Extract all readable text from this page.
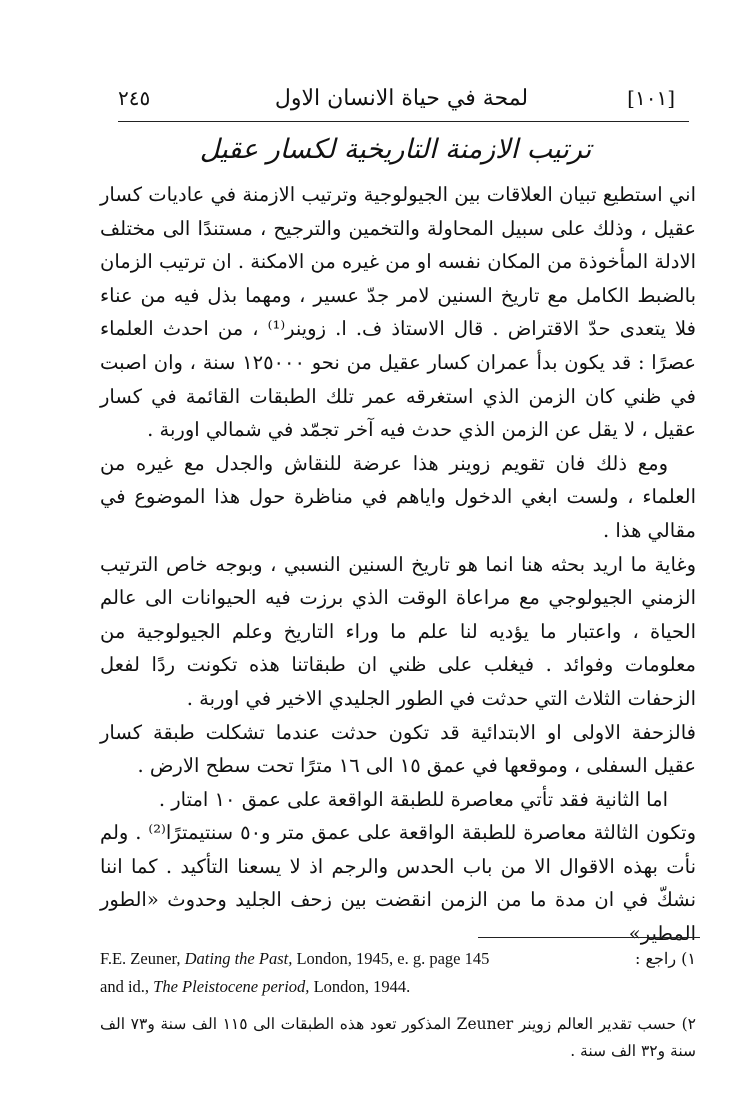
٢٤٥	لمحة في حياة الانسان الاول	[١٠١]
ترتيب الازمنة التاريخية لكسار عقيل

اني استطيع تبيان العلاقات بين الجيولوجية وترتيب الازمنة في عاديات كسار عقيل ، وذلك على سبيل المحاولة والتخمين والترجيح ، مستندًا الى مختلف الادلة المأخوذة من المكان نفسه او من غيره من الامكنة . ان ترتيب الزمان بالضبط الكامل مع تاريخ السنين لامر جدّ عسير ، ومهما بذل فيه من عناء فلا يتعدى حدّ الاقتراض . قال الاستاذ ف. ا. زوينر⁽¹⁾ ، من احدث العلماء عصرًا : قد يكون بدأ عمران كسار عقيل من نحو ١٢٥٠٠٠ سنة ، وان اصبت في ظني كان الزمن الذي استغرقه عمر تلك الطبقات القائمة في كسار عقيل ، لا يقل عن الزمن الذي حدث فيه آخر تجمّد في شمالي اوربة .

ومع ذلك فان تقويم زوينر هذا عرضة للنقاش والجدل مع غيره من العلماء ، ولست ابغي الدخول واياهم في مناظرة حول هذا الموضوع في مقالي هذا .

وغاية ما اريد بحثه هنا انما هو تاريخ السنين النسبي ، وبوجه خاص الترتيب الزمني الجيولوجي مع مراعاة الوقت الذي برزت فيه الحيوانات الى عالم الحياة ، واعتبار ما يؤديه لنا علم ما وراء التاريخ وعلم الجيولوجية من معلومات وفوائد . فيغلب على ظني ان طبقاتنا هذه تكونت ردًا لفعل الزحفات الثلاث التي حدثت في الطور الجليدي الاخير في اوربة .

فالزحفة الاولى او الابتدائية قد تكون حدثت عندما تشكلت طبقة كسار عقيل السفلى ، وموقعها في عمق ١٥ الى ١٦ مترًا تحت سطح الارض .

اما الثانية فقد تأتي معاصرة للطبقة الواقعة على عمق ١٠ امتار .

وتكون الثالثة معاصرة للطبقة الواقعة على عمق متر و٥٠ سنتيمترًا⁽²⁾ . ولم نأت بهذه الاقوال الا من باب الحدس والرجم اذ لا يسعنا التأكيد . كما اننا نشكّ في ان مدة ما من الزمن انقضت بين زحف الجليد وحدوث «الطور المطير»

١) راجع :
F.E. Zeuner, Dating the Past, London, 1945, e. g. page 145
and id., The Pleistocene period, London, 1944.
٢) حسب تقدير العالم زوينر Zeuner المذكور تعود هذه الطبقات الى ١١٥ الف سنة و٧٣ الف سنة و٣٢ الف سنة .
